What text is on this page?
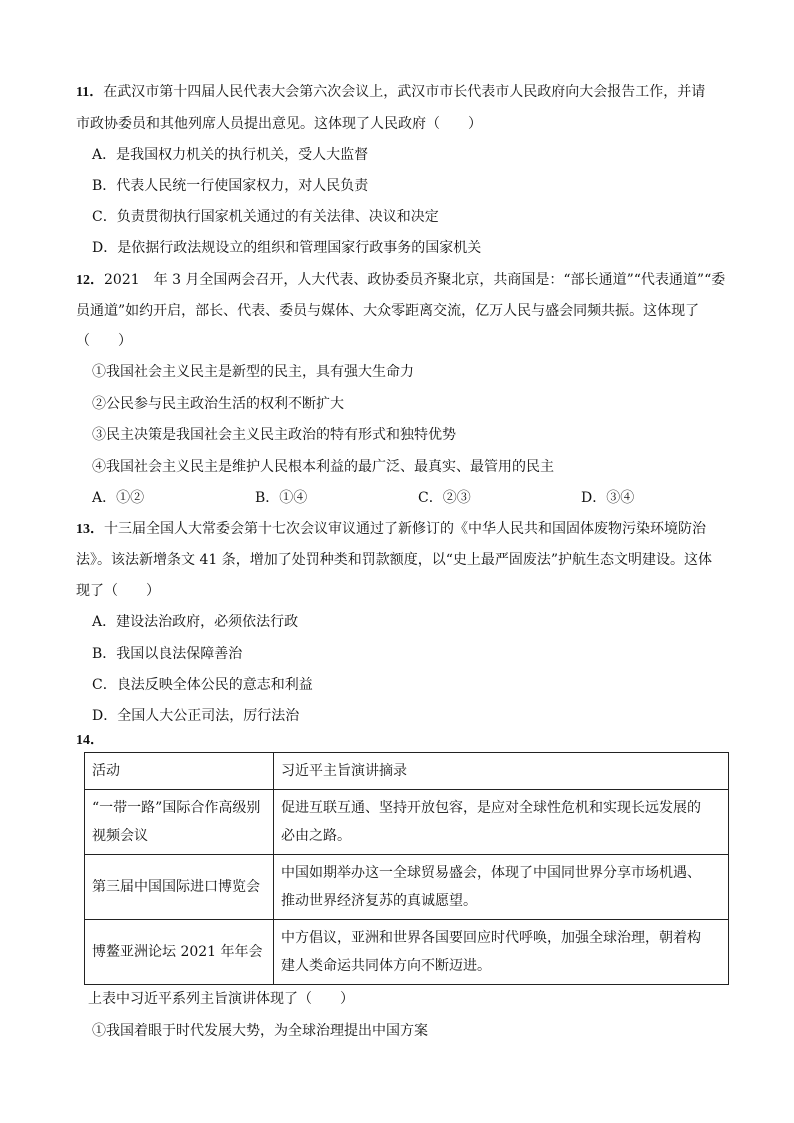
11．在武汉市第十四届人民代表大会第六次会议上，武汉市市长代表市人民政府向大会报告工作，并请
市政协委员和其他列席人员提出意见。这体现了人民政府（　　）
A．是我国权力机关的执行机关，受人大监督
B．代表人民统一行使国家权力，对人民负责
C．负责贯彻执行国家机关通过的有关法律、决议和决定
D．是依据行政法规设立的组织和管理国家行政事务的国家机关
12．2021　年 3 月全国两会召开，人大代表、政协委员齐聚北京，共商国是：“部长通道”“代表通道”“委
员通道”如约开启，部长、代表、委员与媒体、大众零距离交流，亿万人民与盛会同频共振。这体现了
（　　）
①我国社会主义民主是新型的民主，具有强大生命力
②公民参与民主政治生活的权利不断扩大
③民主决策是我国社会主义民主政治的特有形式和独特优势
④我国社会主义民主是维护人民根本利益的最广泛、最真实、最管用的民主
A．①②	B．①④	C．②③	D．③④
13．十三届全国人大常委会第十七次会议审议通过了新修订的《中华人民共和国固体废物污染环境防治
法》。该法新增条文 41 条，增加了处罚种类和罚款额度，以“史上最严固废法”护航生态文明建设。这体
现了（　　）
A．建设法治政府，必须依法行政
B．我国以良法保障善治
C．良法反映全体公民的意志和利益
D．全国人大公正司法，厉行法治
14．
活动	习近平主旨演讲摘录
“一带一路”国际合作高级别
视频会议	促进互联互通、坚持开放包容，是应对全球性危机和实现长远发展的
必由之路。
第三届中国国际进口博览会	中国如期举办这一全球贸易盛会，体现了中国同世界分享市场机遇、
推动世界经济复苏的真诚愿望。
博鳌亚洲论坛 2021 年年会	中方倡议，亚洲和世界各国要回应时代呼唤，加强全球治理，朝着构
建人类命运共同体方向不断迈进。
上表中习近平系列主旨演讲体现了（　　）
①我国着眼于时代发展大势，为全球治理提出中国方案
